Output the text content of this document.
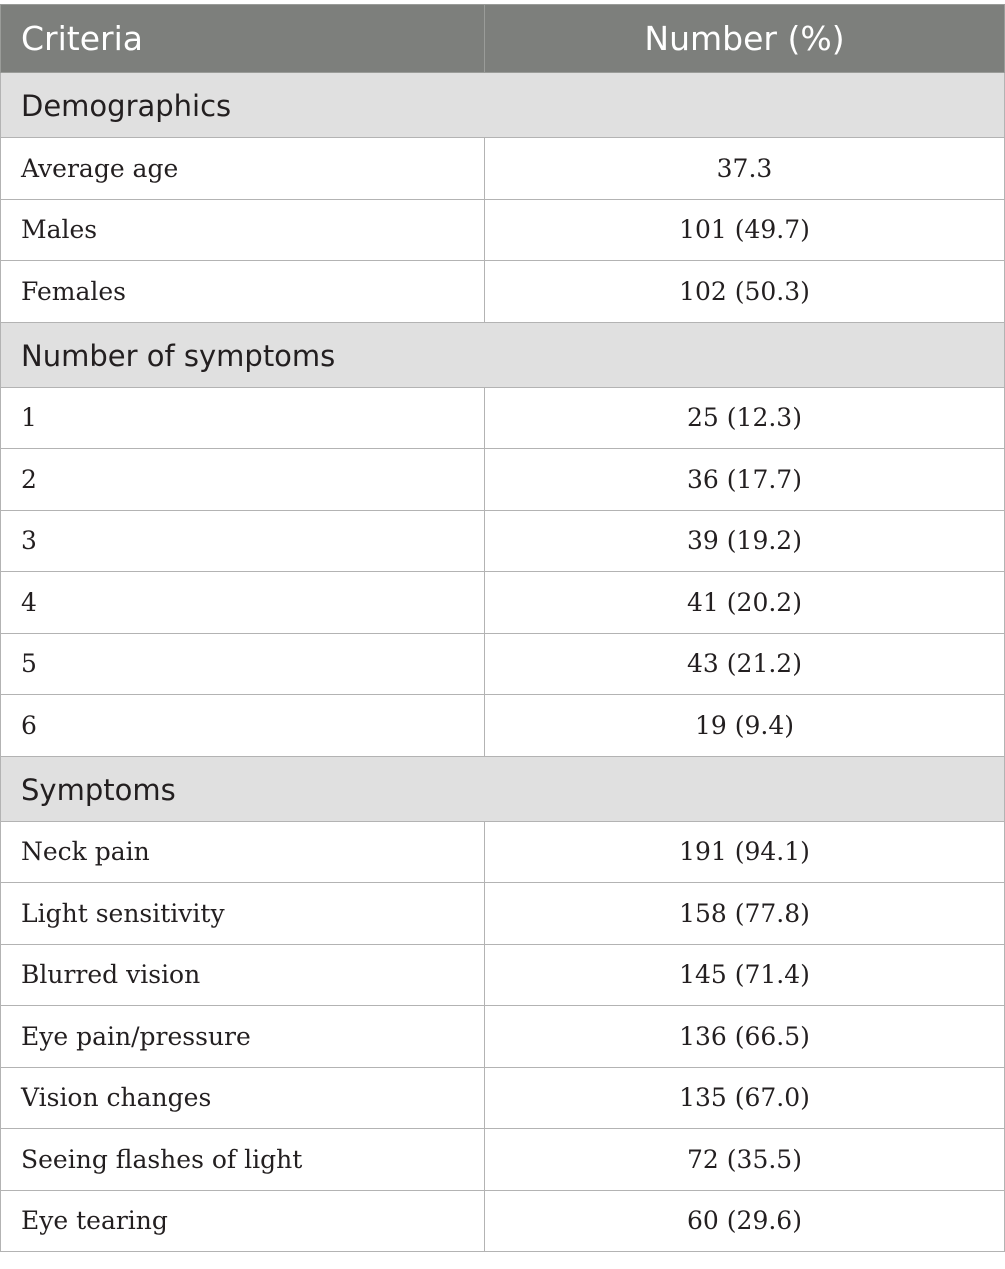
Criteria	Number (%)
Demographics	
Average age	37.3
Males	101 (49.7)
Females	102 (50.3)
Number of symptoms	
1	25 (12.3)
2	36 (17.7)
3	39 (19.2)
4	41 (20.2)
5	43 (21.2)
6	19 (9.4)
Symptoms	
Neck pain	191 (94.1)
Light sensitivity	158 (77.8)
Blurred vision	145 (71.4)
Eye pain/pressure	136 (66.5)
Vision changes	135 (67.0)
Seeing flashes of light	72 (35.5)
Eye tearing	60 (29.6)
